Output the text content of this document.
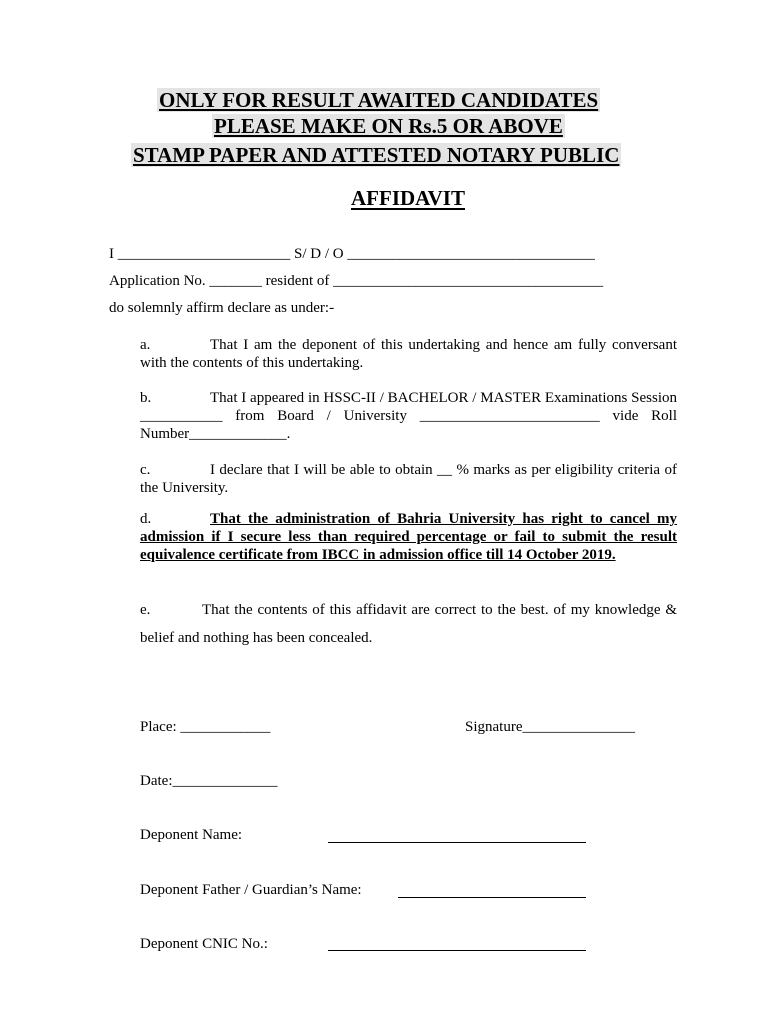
ONLY FOR RESULT AWAITED CANDIDATES
PLEASE MAKE ON Rs.5 OR ABOVE
STAMP PAPER AND ATTESTED NOTARY PUBLIC
AFFIDAVIT
I _______________________ S/ D / O _________________________________
Application No. _______ resident of ____________________________________
do solemnly affirm declare as under:-
a.	That I am the deponent of this undertaking and hence am fully conversant with the contents of this undertaking.
b.	That I appeared in HSSC-II / BACHELOR / MASTER Examinations Session ___________ from Board / University ________________________ vide Roll Number_____________.
c.	I declare that I will be able to obtain __ % marks as per eligibility criteria of the University.
d.	That the administration of Bahria University has right to cancel my admission if I secure less than required percentage or fail to submit the result equivalence certificate from IBCC in admission office till 14 October 2019.
e.	That the contents of this affidavit are correct to the best. of my knowledge & belief and nothing has been concealed.
Place: ____________	Signature_______________
Date:______________
Deponent Name:
Deponent Father / Guardian’s Name:
Deponent CNIC No.:
